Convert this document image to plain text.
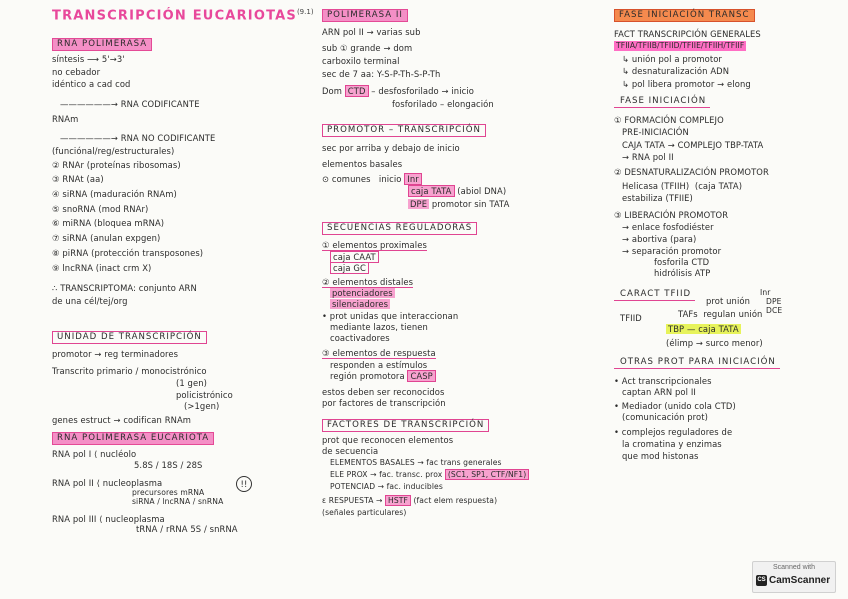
TRANSCRIPCIÓN $EUCARIOTAS^{(9.1)}$
RNA POLIMERASA
síntesis ⟶ 5'→3'
no cebador
idéntico a cad cod
——————→ RNA CODIFICANTE
RNAm
——————→ RNA NO CODIFICANTE
(funciónal/reg/estructurales)
② RNAr (proteínas ribosomas)
③ RNAt (aa)
④ siRNA (maduración RNAm)
⑤ snoRNA (mod RNAr)
⑥ miRNA (bloquea mRNA)
⑦ siRNA (anulan expgen)
⑧ piRNA (protección transposones)
⑨ lncRNA (inact crm X)
∴ TRANSCRIPTOMA: conjunto ARN
de una cél/tej/org
UNIDAD DE TRANSCRIPCIÓN
promotor → reg terminadores
Transcrito primario / monocistrónico
(1 gen)
policistrónico
(>1gen)
genes estruct → codifican RNAm
RNA POLIMERASA EUCARIOTA
RNA pol I ⟨ nucléolo
5.8S / 18S / 28S
RNA pol II ⟨ nucleoplasma
precursores mRNA
siRNA / lncRNA / snRNA
RNA pol III ⟨ nucleoplasma
tRNA / rRNA 5S / snRNA
!!
POLIMERASA II
ARN pol II → varias sub
sub ① grande → dom
carboxilo terminal
sec de 7 aa: Y-S-P-Th-S-P-Th
Dom CTD – desfosforilado → inicio
fosforilado – elongación
PROMOTOR – TRANSCRIPCIÓN
sec por arriba y debajo de inicio
elementos basales
⊙ comunes inicio Inr
caja TATA (abiol DNA)
DPE promotor sin TATA
SECUENCIAS REGULADORAS
① elementos proximales
caja CAAT
caja GC
② elementos distales
potenciadores
silenciadores
• prot unidas que interaccionan
mediante lazos, tienen
coactivadores
③ elementos de respuesta
responden a estímulos
región promotora CASP
estos deben ser reconocidos
por factores de transcripción
FACTORES DE TRANSCRIPCIÓN
prot que reconocen elementos
de secuencia
ELEMENTOS BASALES → fac trans generales
ELE PROX → fac. transc. prox (SC1, SP1, CTF/NF1)
POTENCIAD → fac. inducibles
ε RESPUESTA → HSTF (fact elem respuesta)
(señales particulares)
FASE INICIACIÓN TRANSC
FACT TRANSCRIPCIÓN GENERALES
TFIIA/TFIIB/TFIID/TFIIE/TFIIH/TFIIF
↳ unión pol a promotor
↳ desnaturalización ADN
↳ pol libera promotor → elong
FASE INICIACIÓN
① FORMACIÓN COMPLEJO
PRE-INICIACIÓN
CAJA TATA → COMPLEJO TBP-TATA
→ RNA pol II
② DESNATURALIZACIÓN PROMOTOR
Helicasa (TFIIH) (caja TATA)
estabiliza (TFIIE)
③ LIBERACIÓN PROMOTOR
→ enlace fosfodiéster
→ abortiva (para)
→ separación promotor
fosforila CTD
hidrólisis ATP
CARACT TFIID
prot unión
Inr
DPE
DCE
TFIID	TAFs regulan unión
TBP — caja TATA
(élimp → surco menor)
OTRAS PROT PARA INICIACIÓN
• Act transcripcionales
captan ARN pol II
• Mediador (unido cola CTD)
(comunicación prot)
• complejos reguladores de
la cromatina y enzimas
que mod histonas
Scanned with
CS CamScanner
